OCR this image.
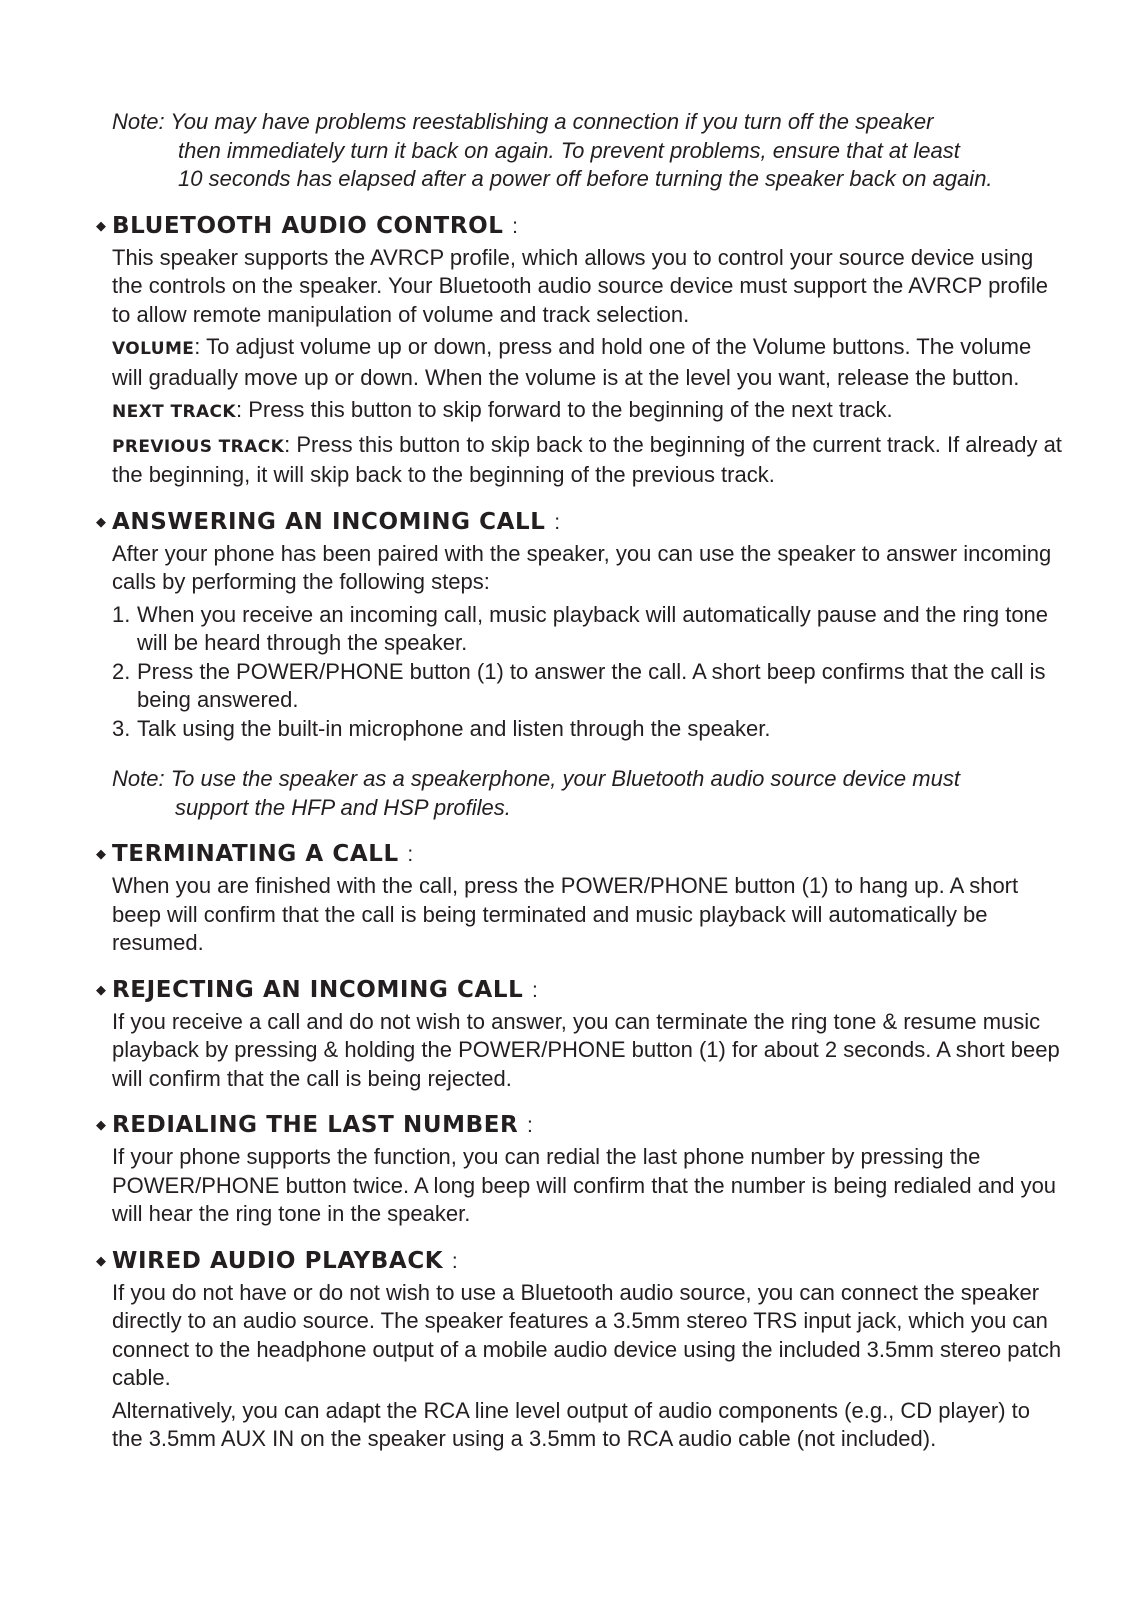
Note: You may have problems reestablishing a connection if you turn off the speaker
then immediately turn it back on again. To prevent problems, ensure that at least
10 seconds has elapsed after a power off before turning the speaker back on again.

◆ BLUETOOTH AUDIO CONTROL :

This speaker supports the AVRCP profile, which allows you to control your source device using the controls on the speaker. Your Bluetooth audio source device must support the AVRCP profile to allow remote manipulation of volume and track selection.

VOLUME: To adjust volume up or down, press and hold one of the Volume buttons. The volume will gradually move up or down. When the volume is at the level you want, release the button.

NEXT TRACK: Press this button to skip forward to the beginning of the next track.

PREVIOUS TRACK: Press this button to skip back to the beginning of the current track. If already at the beginning, it will skip back to the beginning of the previous track.

◆ ANSWERING AN INCOMING CALL :

After your phone has been paired with the speaker, you can use the speaker to answer incoming calls by performing the following steps:

1. When you receive an incoming call, music playback will automatically pause and the ring tone will be heard through the speaker.

2. Press the POWER/PHONE button (1) to answer the call. A short beep confirms that the call is being answered.

3. Talk using the built-in microphone and listen through the speaker.

Note: To use the speaker as a speakerphone, your Bluetooth audio source device must
support the HFP and HSP profiles.

◆ TERMINATING A CALL :

When you are finished with the call, press the POWER/PHONE button (1) to hang up. A short beep will confirm that the call is being terminated and music playback will automatically be resumed.

◆ REJECTING AN INCOMING CALL :

If you receive a call and do not wish to answer, you can terminate the ring tone & resume music playback by pressing & holding the POWER/PHONE button (1) for about 2 seconds. A short beep will confirm that the call is being rejected.

◆ REDIALING THE LAST NUMBER :

If your phone supports the function, you can redial the last phone number by pressing the POWER/PHONE button twice. A long beep will confirm that the number is being redialed and you will hear the ring tone in the speaker.

◆ WIRED AUDIO PLAYBACK :

If you do not have or do not wish to use a Bluetooth audio source, you can connect the speaker directly to an audio source. The speaker features a 3.5mm stereo TRS input jack, which you can connect to the headphone output of a mobile audio device using the included 3.5mm stereo patch cable.

Alternatively, you can adapt the RCA line level output of audio components (e.g., CD player) to the 3.5mm AUX IN on the speaker using a 3.5mm to RCA audio cable (not included).
